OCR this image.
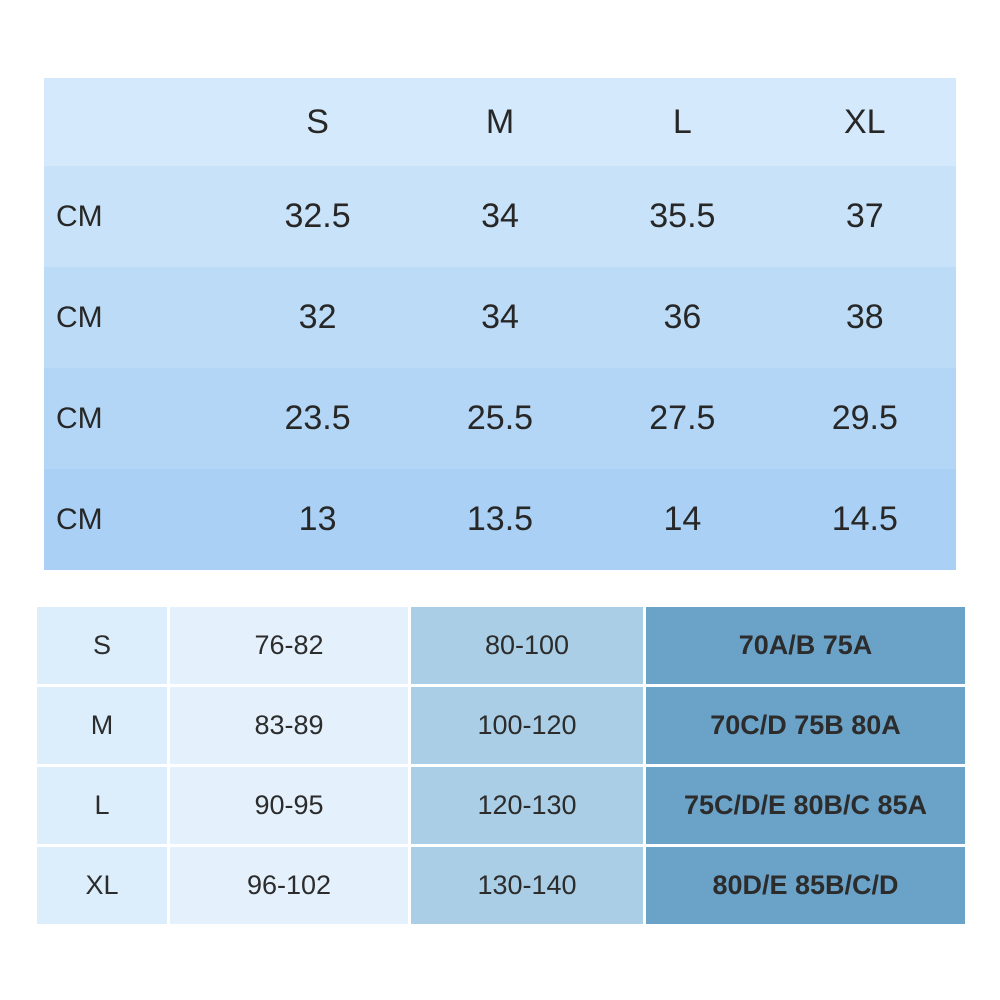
	S	M	L	XL
CM	32.5	34	35.5	37
CM	32	34	36	38
CM	23.5	25.5	27.5	29.5
CM	13	13.5	14	14.5
S	76-82	80-100	70A/B 75A
M	83-89	100-120	70C/D 75B 80A
L	90-95	120-130	75C/D/E 80B/C 85A
XL	96-102	130-140	80D/E 85B/C/D
